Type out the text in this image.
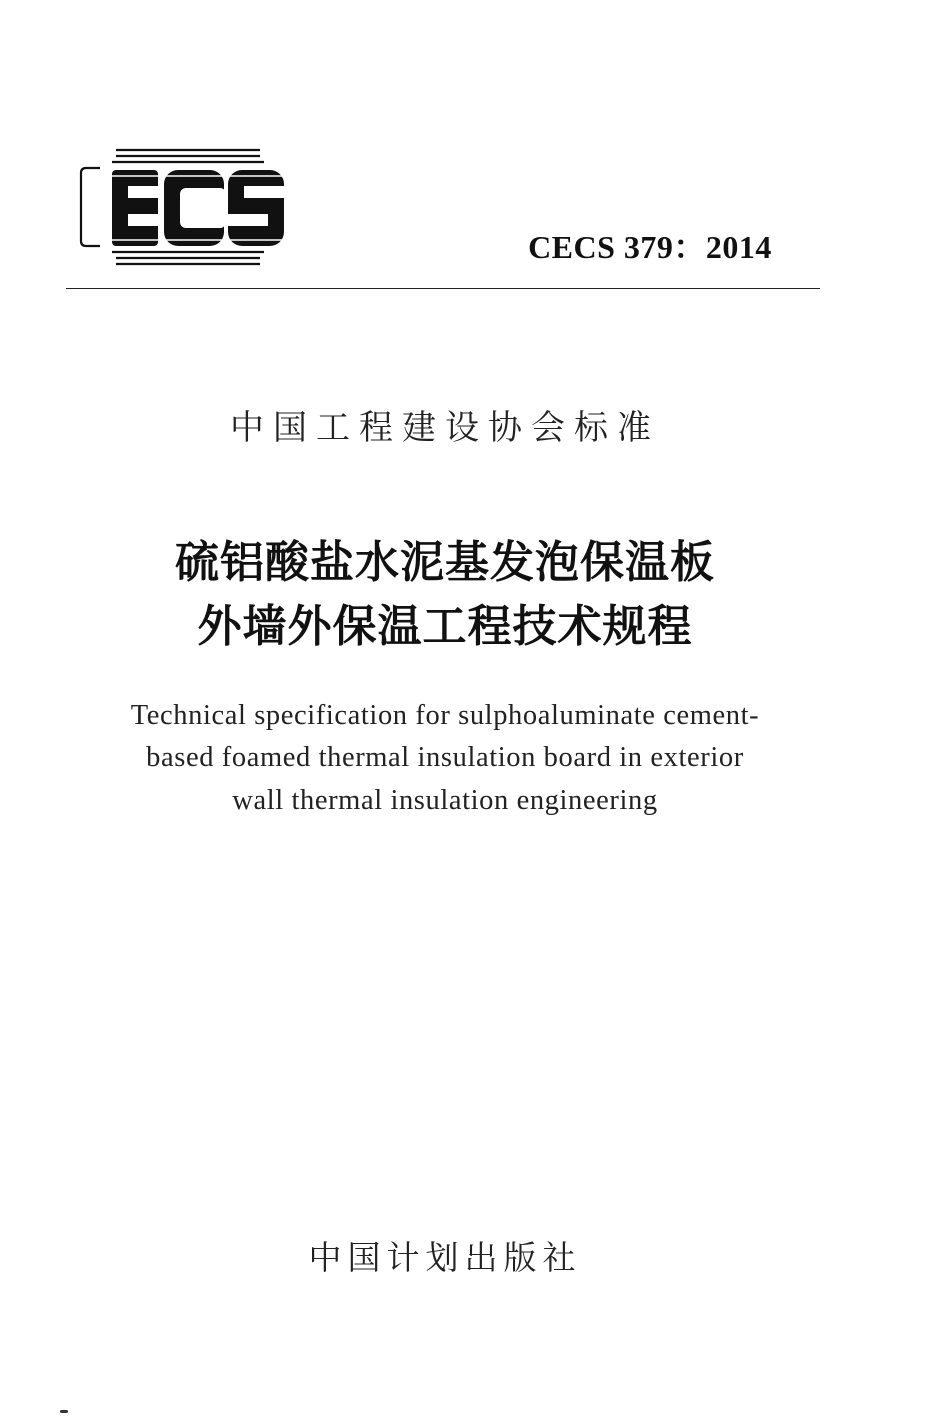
CECS 379：2014
中国工程建设协会标准
硫铝酸盐水泥基发泡保温板
外墙外保温工程技术规程
Technical specification for sulphoaluminate cement-
based foamed thermal insulation board in exterior
wall thermal insulation engineering
中国计划出版社
